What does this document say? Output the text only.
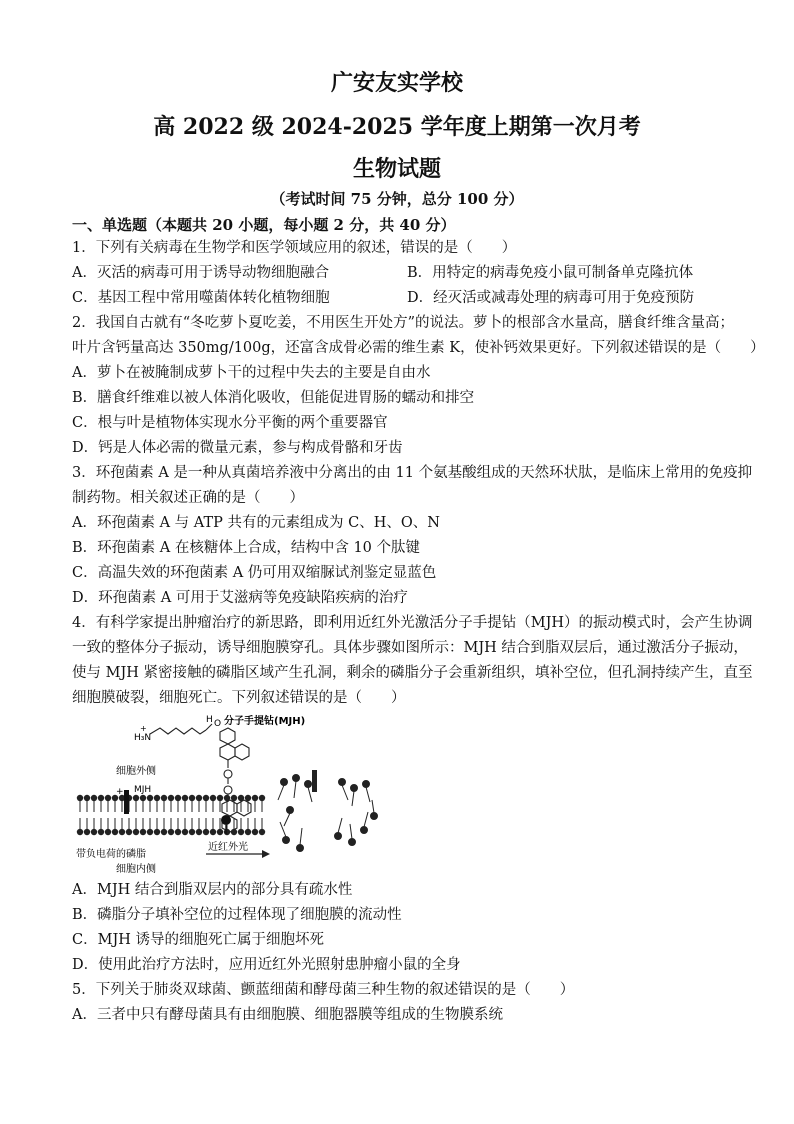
广安友实学校
高 2022 级 2024-2025 学年度上期第一次月考
生物试题
（考试时间 75 分钟，总分 100 分）
一、单选题（本题共 20 小题，每小题 2 分，共 40 分）
1．下列有关病毒在生物学和医学领域应用的叙述，错误的是（　　）
A．灭活的病毒可用于诱导动物细胞融合	B．用特定的病毒免疫小鼠可制备单克隆抗体
C．基因工程中常用噬菌体转化植物细胞	D．经灭活或减毒处理的病毒可用于免疫预防
2．我国自古就有“冬吃萝卜夏吃姜，不用医生开处方”的说法。萝卜的根部含水量高，膳食纤维含量高；
叶片含钙量高达 350mg/100g，还富含成骨必需的维生素 K，使补钙效果更好。下列叙述错误的是（　　）
A．萝卜在被腌制成萝卜干的过程中失去的主要是自由水
B．膳食纤维难以被人体消化吸收，但能促进胃肠的蠕动和排空
C．根与叶是植物体实现水分平衡的两个重要器官
D．钙是人体必需的微量元素，参与构成骨骼和牙齿
3．环孢菌素 A 是一种从真菌培养液中分离出的由 11 个氨基酸组成的天然环状肽，是临床上常用的免疫抑
制药物。相关叙述正确的是（　　）
A．环孢菌素 A 与 ATP 共有的元素组成为 C、H、O、N
B．环孢菌素 A 在核糖体上合成，结构中含 10 个肽键
C．高温失效的环孢菌素 A 仍可用双缩脲试剂鉴定显蓝色
D．环孢菌素 A 可用于艾滋病等免疫缺陷疾病的治疗
4．有科学家提出肿瘤治疗的新思路，即利用近红外光激活分子手提钻（MJH）的振动模式时，会产生协调
一致的整体分子振动，诱导细胞膜穿孔。具体步骤如图所示：MJH 结合到脂双层后，通过激活分子振动，
使与 MJH 紧密接触的磷脂区域产生孔洞，剩余的磷脂分子会重新组织，填补空位，但孔洞持续产生，直至
细胞膜破裂，细胞死亡。下列叙述错误的是（　　）
+
H₃N
+
H O 分子手提钻(MJH)
细胞外侧
MJH
带负电荷的磷脂
细胞内侧
近红外光
A．MJH 结合到脂双层内的部分具有疏水性
B．磷脂分子填补空位的过程体现了细胞膜的流动性
C．MJH 诱导的细胞死亡属于细胞坏死
D．使用此治疗方法时，应用近红外光照射患肿瘤小鼠的全身
5．下列关于肺炎双球菌、颤蓝细菌和酵母菌三种生物的叙述错误的是（　　）
A．三者中只有酵母菌具有由细胞膜、细胞器膜等组成的生物膜系统
